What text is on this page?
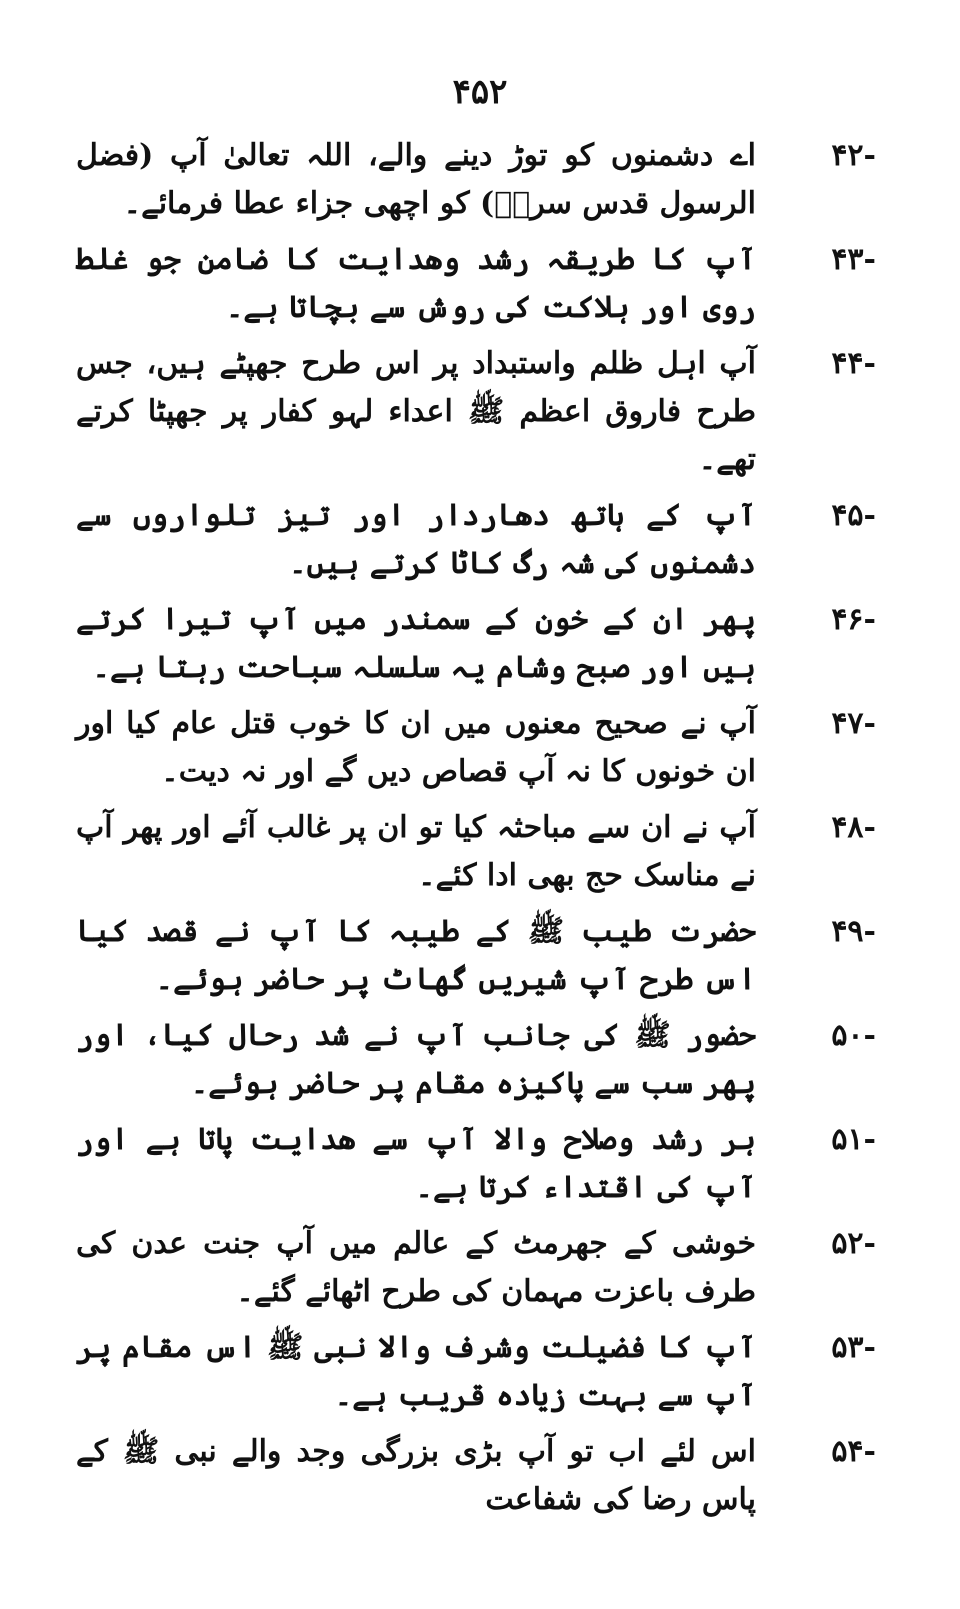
۴۵۲
-۴۲
اے دشمنوں کو توڑ دینے والے، اللہ تعالیٰ آپ (فضل الرسول قدس سرہٗ) کو اچھی جزاء عطا فرمائے۔
-۴۳
آپ کا طریقہ رشد وھدایت کا ضامن جو غلط روی اور ہلاکت کی روش سے بچاتا ہے۔
-۴۴
آپ اہل ظلم واستبداد پر اس طرح جھپٹے ہیں، جس طرح فاروق اعظم ﷺ اعداء لہو کفار پر جھپٹا کرتے تھے۔
-۴۵
آپ کے ہاتھ دھاردار اور تیز تلواروں سے دشمنوں کی شہ رگ کاٹا کرتے ہیں۔
-۴۶
پھر ان کے خون کے سمندر میں آپ تیرا کرتے ہیں اور صبح وشام یہ سلسلہ سباحت رہتا ہے۔
-۴۷
آپ نے صحیح معنوں میں ان کا خوب قتل عام کیا اور ان خونوں کا نہ آپ قصاص دیں گے اور نہ دیت۔
-۴۸
آپ نے ان سے مباحثہ کیا تو ان پر غالب آئے اور پھر آپ نے مناسک حج بھی ادا کئے۔
-۴۹
حضرت طیب ﷺ کے طیبہ کا آپ نے قصد کیا اس طرح آپ شیریں گھاٹ پر حاضر ہوئے۔
-۵۰
حضور ﷺ کی جانب آپ نے شد رحال کیا، اور پھر سب سے پاکیزہ مقام پر حاضر ہوئے۔
-۵۱
ہر رشد وصلاح والا آپ سے ھدایت پاتا ہے اور آپ کی اقتداء کرتا ہے۔
-۵۲
خوشی کے جھرمٹ کے عالم میں آپ جنت عدن کی طرف باعزت مہمان کی طرح اٹھائے گئے۔
-۵۳
آپ کا فضیلت وشرف والا نبی ﷺ اس مقام پر آپ سے بہت زیادہ قریب ہے۔
-۵۴
اس لئے اب تو آپ بڑی بزرگی وجد والے نبی ﷺ کے پاس رضا کی شفاعت
